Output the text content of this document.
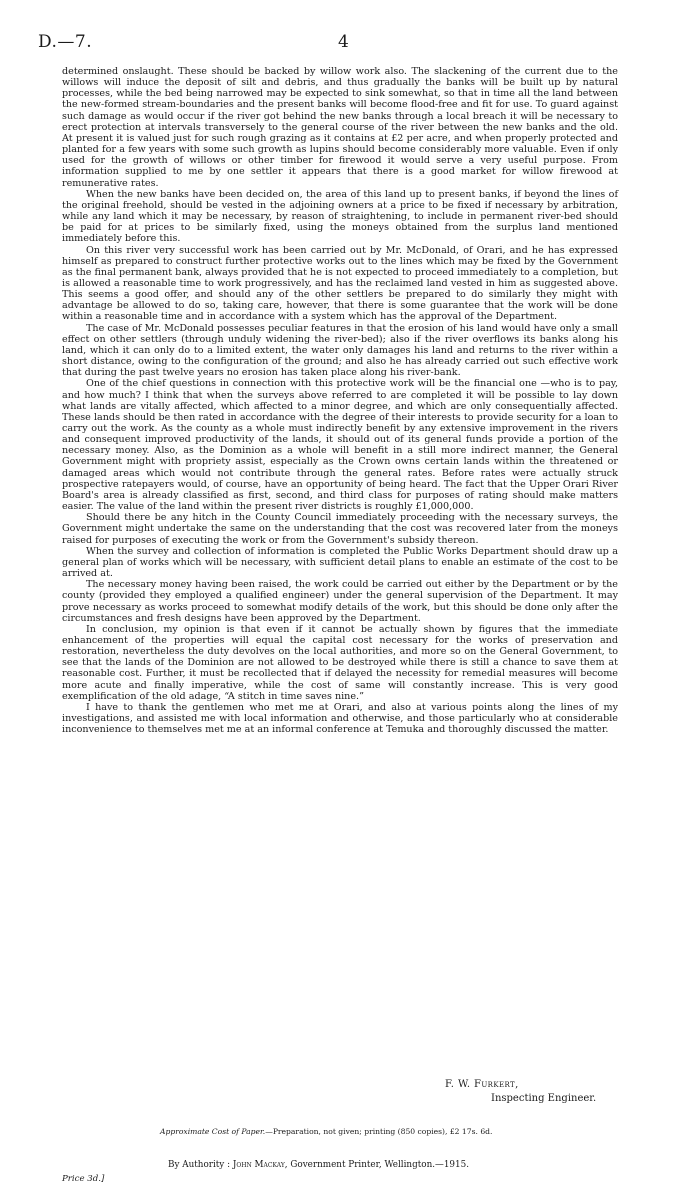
D.—7.	4

determined onslaught. These should be backed by willow work also. The slackening of the current due to the willows will induce the deposit of silt and debris, and thus gradually the banks will be built up by natural processes, while the bed being narrowed may be expected to sink somewhat, so that in time all the land between the new-formed stream-boundaries and the present banks will become flood-free and fit for use. To guard against such damage as would occur if the river got behind the new banks through a local breach it will be necessary to erect protection at intervals transversely to the general course of the river between the new banks and the old. At present it is valued just for such rough grazing as it contains at £2 per acre, and when properly protected and planted for a few years with some such growth as lupins should become considerably more valuable. Even if only used for the growth of willows or other timber for firewood it would serve a very useful purpose. From information supplied to me by one settler it appears that there is a good market for willow firewood at remunerative rates.

When the new banks have been decided on, the area of this land up to present banks, if beyond the lines of the original freehold, should be vested in the adjoining owners at a price to be fixed if necessary by arbitration, while any land which it may be necessary, by reason of straightening, to include in permanent river-bed should be paid for at prices to be similarly fixed, using the moneys obtained from the surplus land mentioned immediately before this.

On this river very successful work has been carried out by Mr. McDonald, of Orari, and he has expressed himself as prepared to construct further protective works out to the lines which may be fixed by the Government as the final permanent bank, always provided that he is not expected to proceed immediately to a completion, but is allowed a reasonable time to work progressively, and has the reclaimed land vested in him as suggested above. This seems a good offer, and should any of the other settlers be prepared to do similarly they might with advantage be allowed to do so, taking care, however, that there is some guarantee that the work will be done within a reasonable time and in accordance with a system which has the approval of the Department.

The case of Mr. McDonald possesses peculiar features in that the erosion of his land would have only a small effect on other settlers (through unduly widening the river-bed); also if the river overflows its banks along his land, which it can only do to a limited extent, the water only damages his land and returns to the river within a short distance, owing to the configuration of the ground; and also he has already carried out such effective work that during the past twelve years no erosion has taken place along his river-bank.

One of the chief questions in connection with this protective work will be the financial one —who is to pay, and how much? I think that when the surveys above referred to are completed it will be possible to lay down what lands are vitally affected, which affected to a minor degree, and which are only consequentially affected. These lands should be then rated in accordance with the degree of their interests to provide security for a loan to carry out the work. As the county as a whole must indirectly benefit by any extensive improvement in the rivers and consequent improved productivity of the lands, it should out of its general funds provide a portion of the necessary money. Also, as the Dominion as a whole will benefit in a still more indirect manner, the General Government might with propriety assist, especially as the Crown owns certain lands within the threatened or damaged areas which would not contribute through the general rates. Before rates were actually struck prospective ratepayers would, of course, have an opportunity of being heard. The fact that the Upper Orari River Board's area is already classified as first, second, and third class for purposes of rating should make matters easier. The value of the land within the present river districts is roughly £1,000,000.

Should there be any hitch in the County Council immediately proceeding with the necessary surveys, the Government might undertake the same on the understanding that the cost was recovered later from the moneys raised for purposes of executing the work or from the Government's subsidy thereon.

When the survey and collection of information is completed the Public Works Department should draw up a general plan of works which will be necessary, with sufficient detail plans to enable an estimate of the cost to be arrived at.

The necessary money having been raised, the work could be carried out either by the Department or by the county (provided they employed a qualified engineer) under the general supervision of the Department. It may prove necessary as works proceed to somewhat modify details of the work, but this should be done only after the circumstances and fresh designs have been approved by the Department.

In conclusion, my opinion is that even if it cannot be actually shown by figures that the immediate enhancement of the properties will equal the capital cost necessary for the works of preservation and restoration, nevertheless the duty devolves on the local authorities, and more so on the General Government, to see that the lands of the Dominion are not allowed to be destroyed while there is still a chance to save them at reasonable cost. Further, it must be recollected that if delayed the necessity for remedial measures will become more acute and finally imperative, while the cost of same will constantly increase. This is very good exemplification of the old adage, “A stitch in time saves nine.”

I have to thank the gentlemen who met me at Orari, and also at various points along the lines of my investigations, and assisted me with local information and otherwise, and those particularly who at considerable inconvenience to themselves met me at an informal conference at Temuka and thoroughly discussed the matter.

F. W. Furkert,
Inspecting Engineer.
Approximate Cost of Paper.—Preparation, not given; printing (850 copies), £2 17s. 6d.
By Authority : John Mackay, Government Printer, Wellington.—1915.
Price 3d.]
